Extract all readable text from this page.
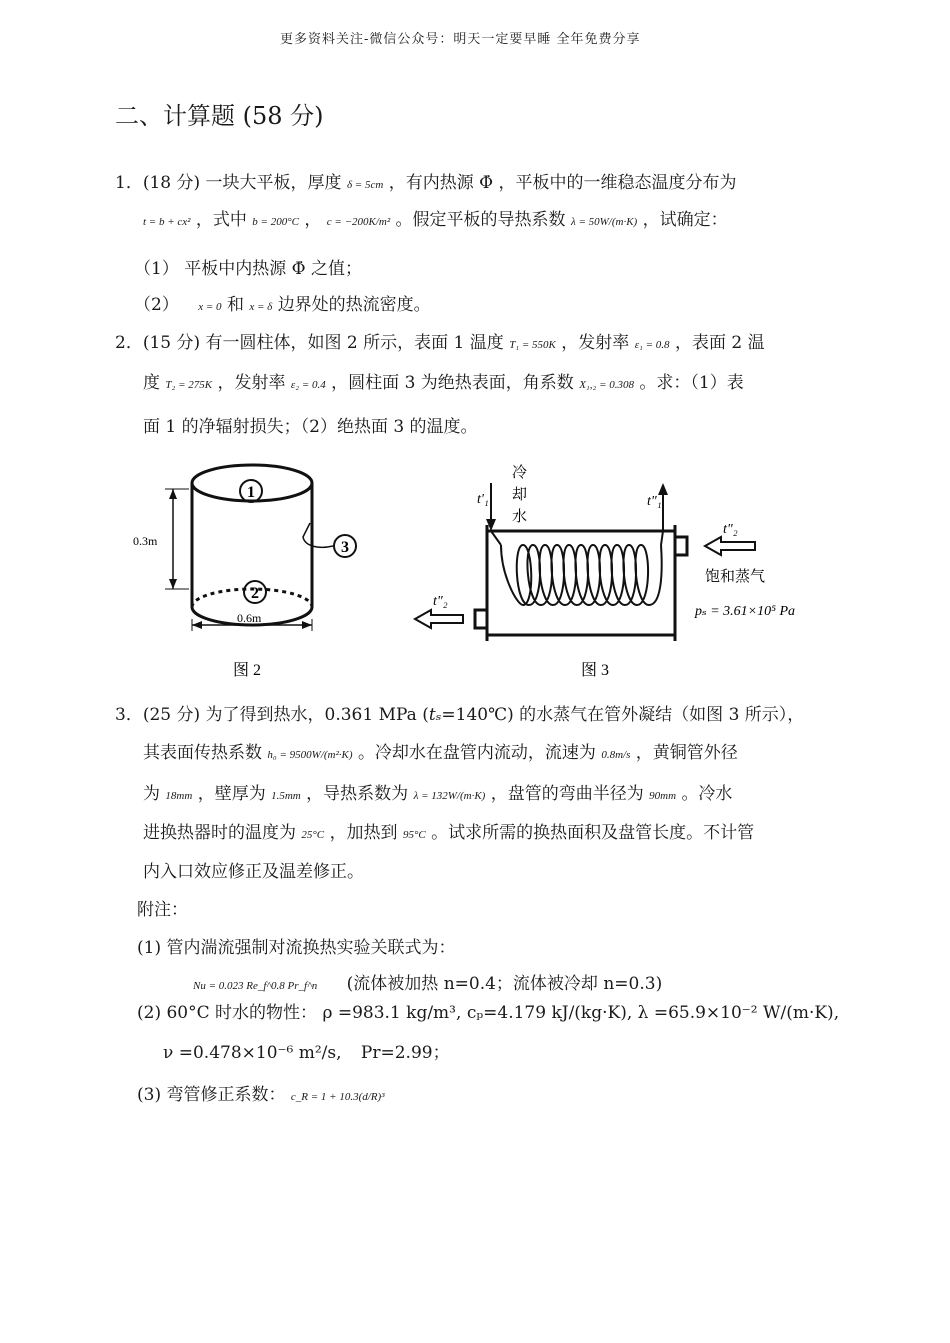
更多资料关注-微信公众号：明天一定要早睡 全年免费分享
二、计算题 (58 分)
1．(18 分) 一块大平板，厚度 δ = 5cm ，有内热源 Φ̇ ，平板中的一维稳态温度分布为
t = b + cx² ，式中 b = 200°C ， c = −200K/m² 。假定平板的导热系数 λ = 50W/(m·K) ，试确定：
（1） 平板中内热源 Φ̇ 之值；
（2） x = 0 和 x = δ 边界处的热流密度。
2．(15 分) 有一圆柱体，如图 2 所示，表面 1 温度 T₁ = 550K ，发射率 ε₁ = 0.8 ，表面 2 温
度 T₂ = 275K ，发射率 ε₂ = 0.4 ，圆柱面 3 为绝热表面，角系数 X₁,₂ = 0.308 。求：（1）表
面 1 的净辐射损失；（2）绝热面 3 的温度。
1
2
3
0.3m
0.6m
图 2
冷
却
水
t'₁	t"₁
t"₂
饱和蒸气
pₛ = 3.61×10⁵ Pa
t"₂
图 3
3．(25 分) 为了得到热水，0.361 MPa (tₛ=140℃) 的水蒸气在管外凝结（如图 3 所示），
其表面传热系数 h₀ = 9500W/(m²·K) 。冷却水在盘管内流动，流速为 0.8m/s ，黄铜管外径
为 18mm ，壁厚为 1.5mm ，导热系数为 λ = 132W/(m·K) ，盘管的弯曲半径为 90mm 。冷水
进换热器时的温度为 25°C ，加热到 95°C 。试求所需的换热面积及盘管长度。不计管
内入口效应修正及温差修正。
附注：
(1) 管内湍流强制对流换热实验关联式为：
Nu = 0.023 Re_f^0.8 Pr_f^n (流体被加热 n=0.4；流体被冷却 n=0.3)
(2) 60°C 时水的物性： ρ =983.1 kg/m³, cₚ=4.179 kJ/(kg·K), λ =65.9×10⁻² W/(m·K),
ν =0.478×10⁻⁶ m²/s, Pr=2.99；
(3) 弯管修正系数： c_R = 1 + 10.3(d/R)³
